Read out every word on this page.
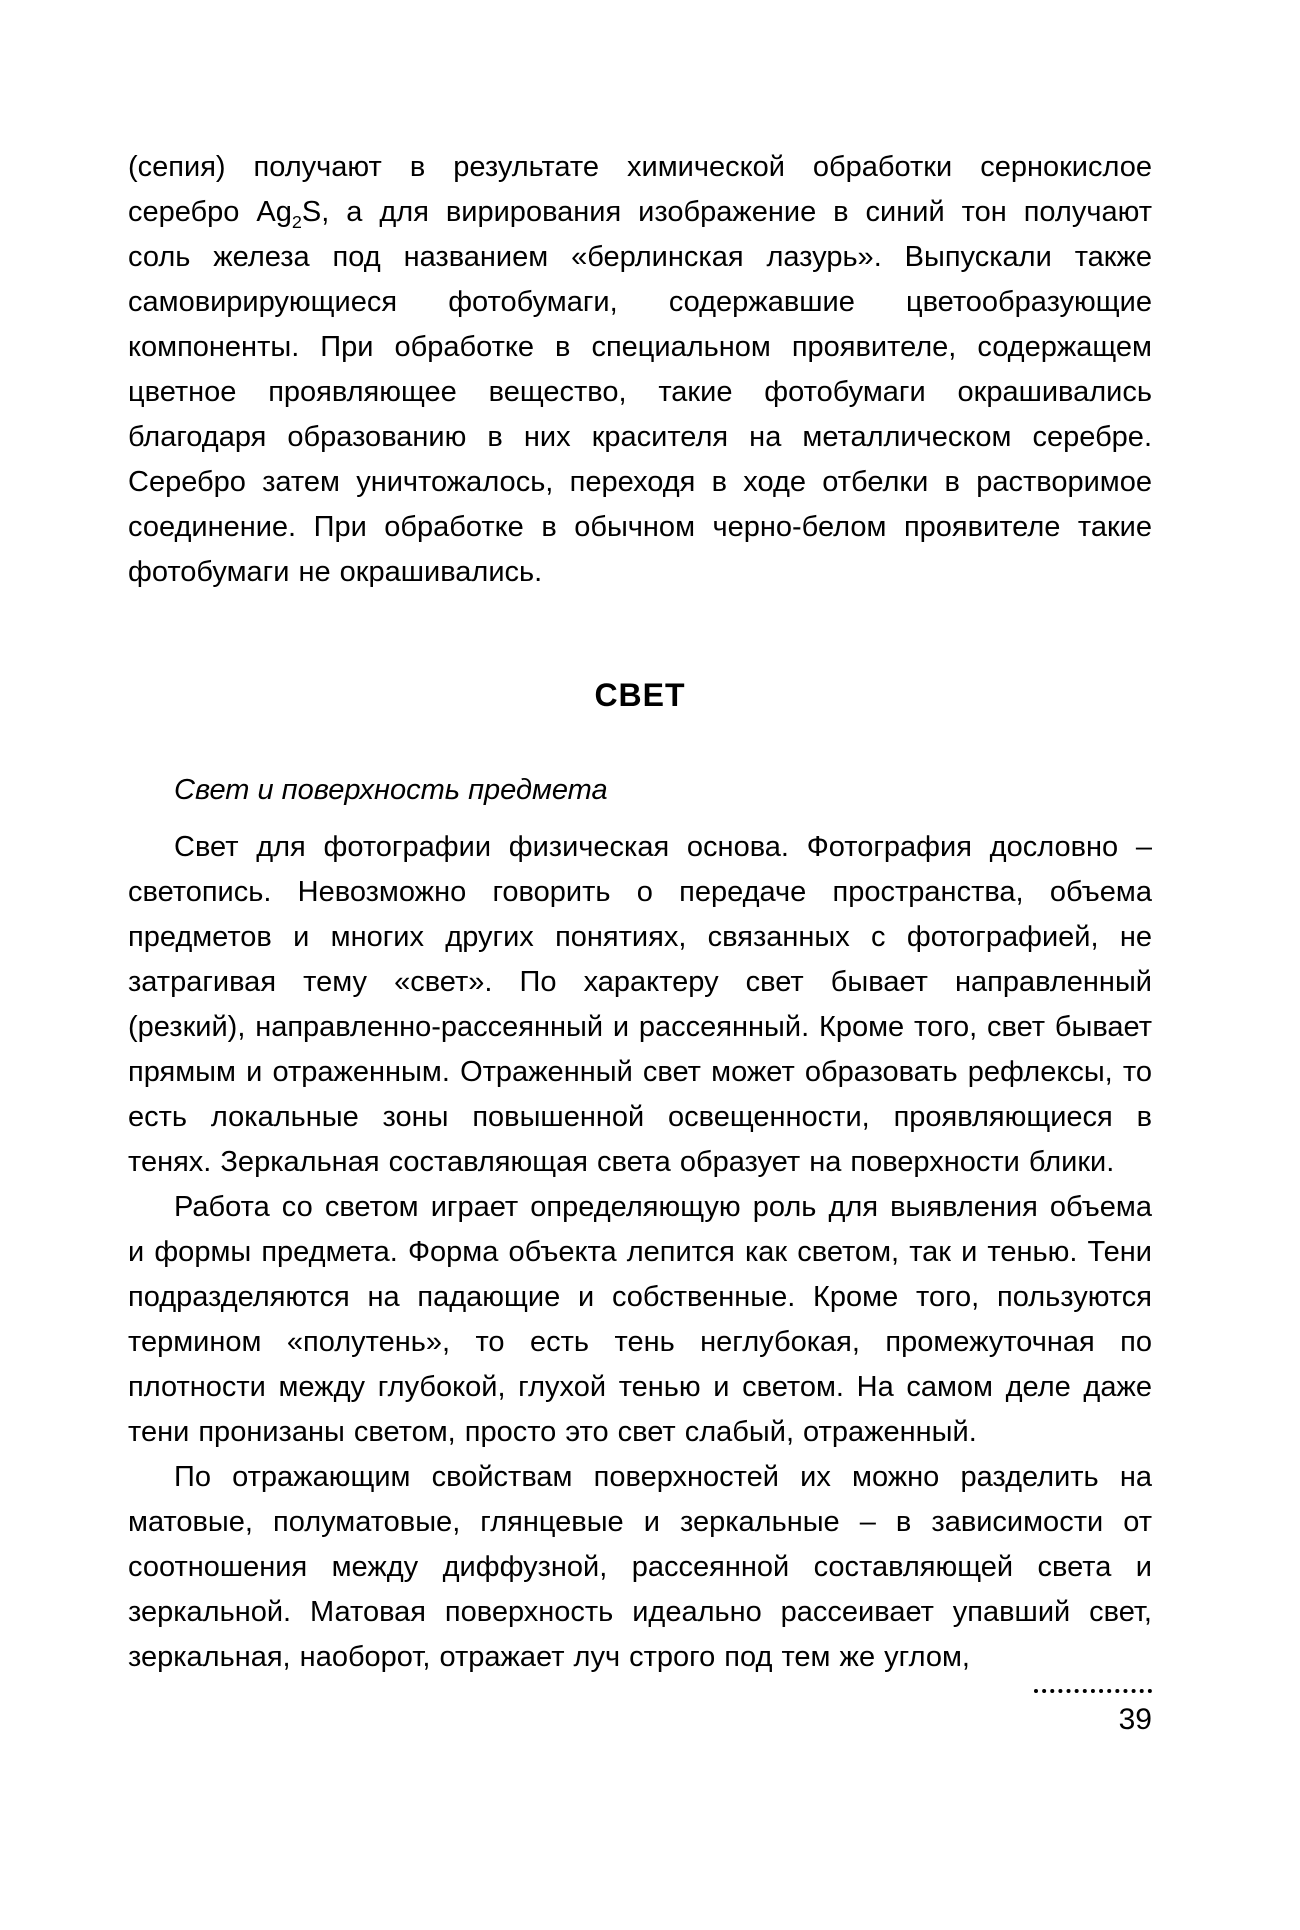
(сепия) получают в результате химической обработки сернокислое серебро $Ag_2S$, а для вирирования изображение в синий тон получают соль железа под названием «берлинская лазурь». Выпускали также самовирирующиеся фотобумаги, содержавшие цветообразующие компоненты. При обработке в специальном проявителе, содержащем цветное проявляющее вещество, такие фотобумаги окрашивались благодаря образованию в них красителя на металлическом серебре. Серебро затем уничтожалось, переходя в ходе отбелки в растворимое соединение. При обработке в обычном черно-белом проявителе такие фотобумаги не окрашивались.

СВЕТ

Свет и поверхность предмета

Свет для фотографии физическая основа. Фотография дословно – светопись. Невозможно говорить о передаче пространства, объема предметов и многих других понятиях, связанных с фотографией, не затрагивая тему «свет». По характеру свет бывает направленный (резкий), направленно-рассеянный и рассеянный. Кроме того, свет бывает прямым и отраженным. Отраженный свет может образовать рефлексы, то есть локальные зоны повышенной освещенности, проявляющиеся в тенях. Зеркальная составляющая света образует на поверхности блики.

Работа со светом играет определяющую роль для выявления объема и формы предмета. Форма объекта лепится как светом, так и тенью. Тени подразделяются на падающие и собственные. Кроме того, пользуются термином «полутень», то есть тень неглубокая, промежуточная по плотности между глубокой, глухой тенью и светом. На самом деле даже тени пронизаны светом, просто это свет слабый, отраженный.

По отражающим свойствам поверхностей их можно разделить на матовые, полуматовые, глянцевые и зеркальные – в зависимости от соотношения между диффузной, рассеянной составляющей света и зеркальной. Матовая поверхность идеально рассеивает упавший свет, зеркальная, наоборот, отражает луч строго под тем же углом,

39
